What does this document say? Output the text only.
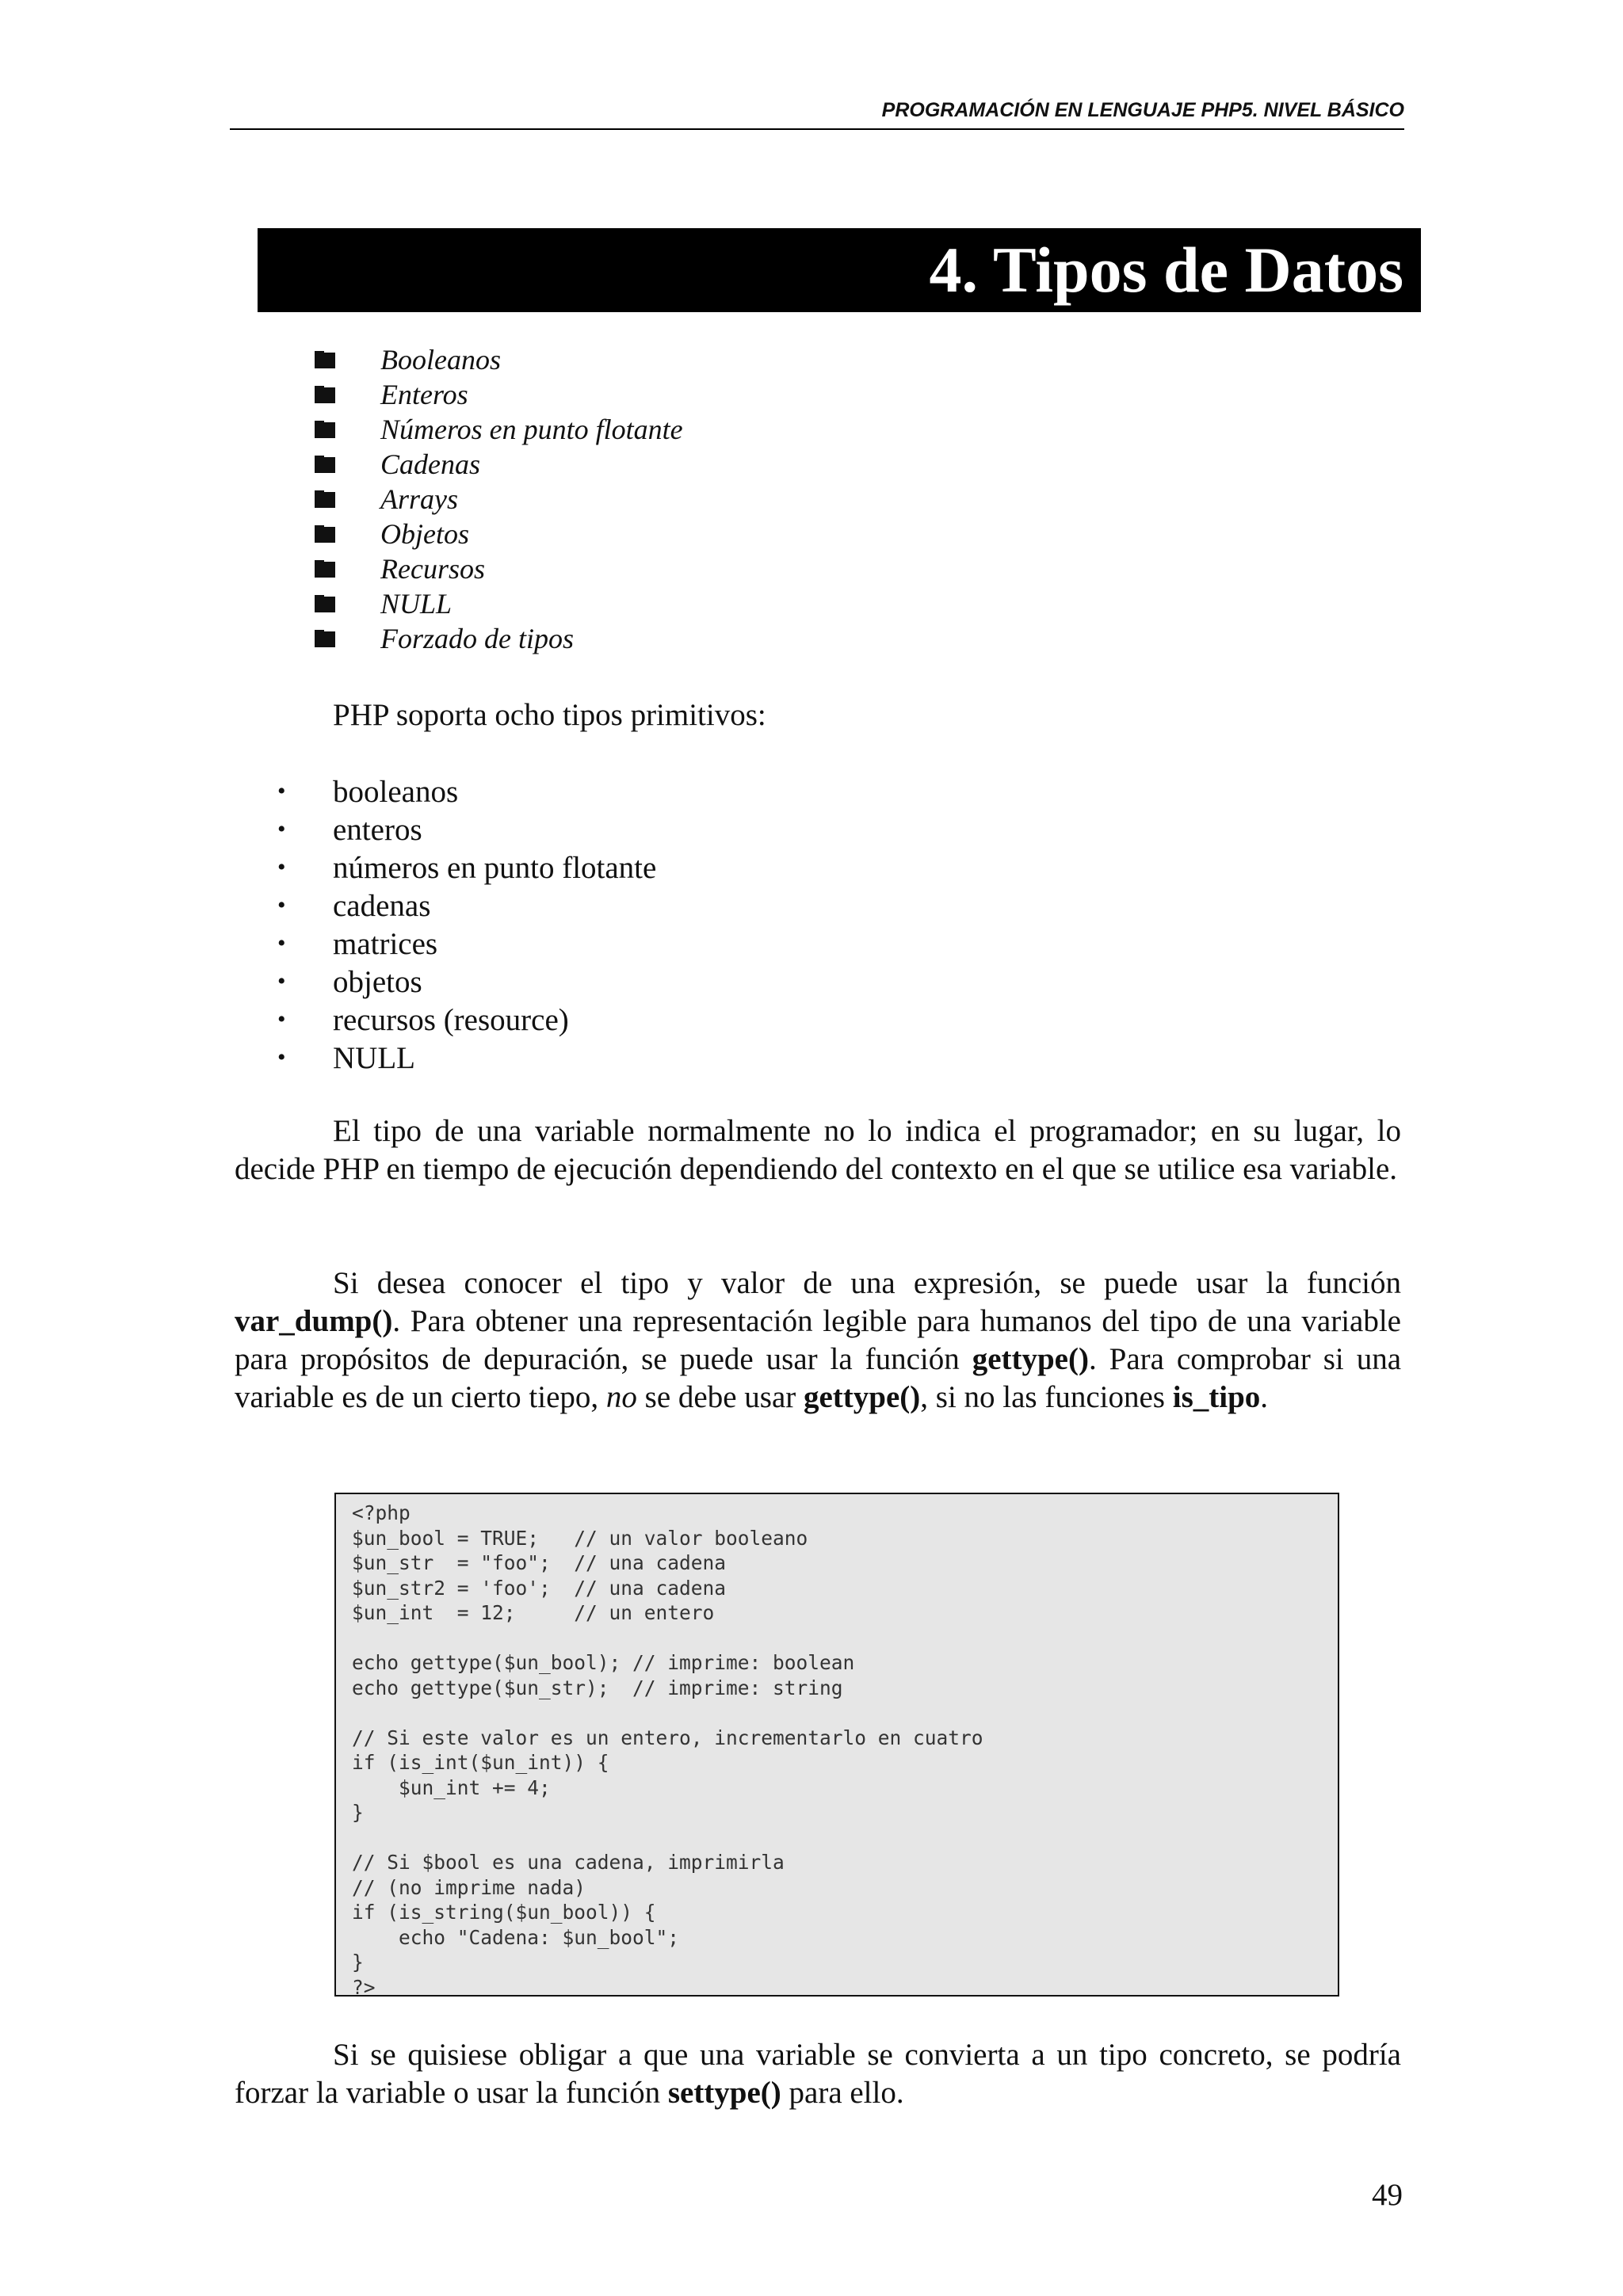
PROGRAMACIÓN EN LENGUAJE PHP5. NIVEL BÁSICO
4. Tipos de Datos
Booleanos
Enteros
Números en punto flotante
Cadenas
Arrays
Objetos
Recursos
NULL
Forzado de tipos
PHP soporta ocho tipos primitivos:
•	booleanos
•	enteros
•	números en punto flotante
•	cadenas
•	matrices
•	objetos
•	recursos (resource)
•	NULL

El tipo de una variable normalmente no lo indica el programador; en su lugar, lo decide PHP en tiempo de ejecución dependiendo del contexto en el que se utilice esa variable.

Si desea conocer el tipo y valor de una expresión, se puede usar la función var_dump(). Para obtener una representación legible para humanos del tipo de una variable para propósitos de depuración, se puede usar la función gettype(). Para comprobar si una variable es de un cierto tiepo, no se debe usar gettype(), si no las funciones is_tipo.

<?php
$un_bool = TRUE;   // un valor booleano
$un_str  = "foo";  // una cadena
$un_str2 = 'foo';  // una cadena
$un_int  = 12;     // un entero
echo gettype($un_bool); // imprime: boolean
echo gettype($un_str);  // imprime: string
// Si este valor es un entero, incrementarlo en cuatro
if (is_int($un_int)) {
$un_int += 4;
}
// Si $bool es una cadena, imprimirla
// (no imprime nada)
if (is_string($un_bool)) {
echo "Cadena: $un_bool";
}
?>

Si se quisiese obligar a que una variable se convierta a un tipo concreto, se podría forzar la variable o usar la función settype() para ello.

49
